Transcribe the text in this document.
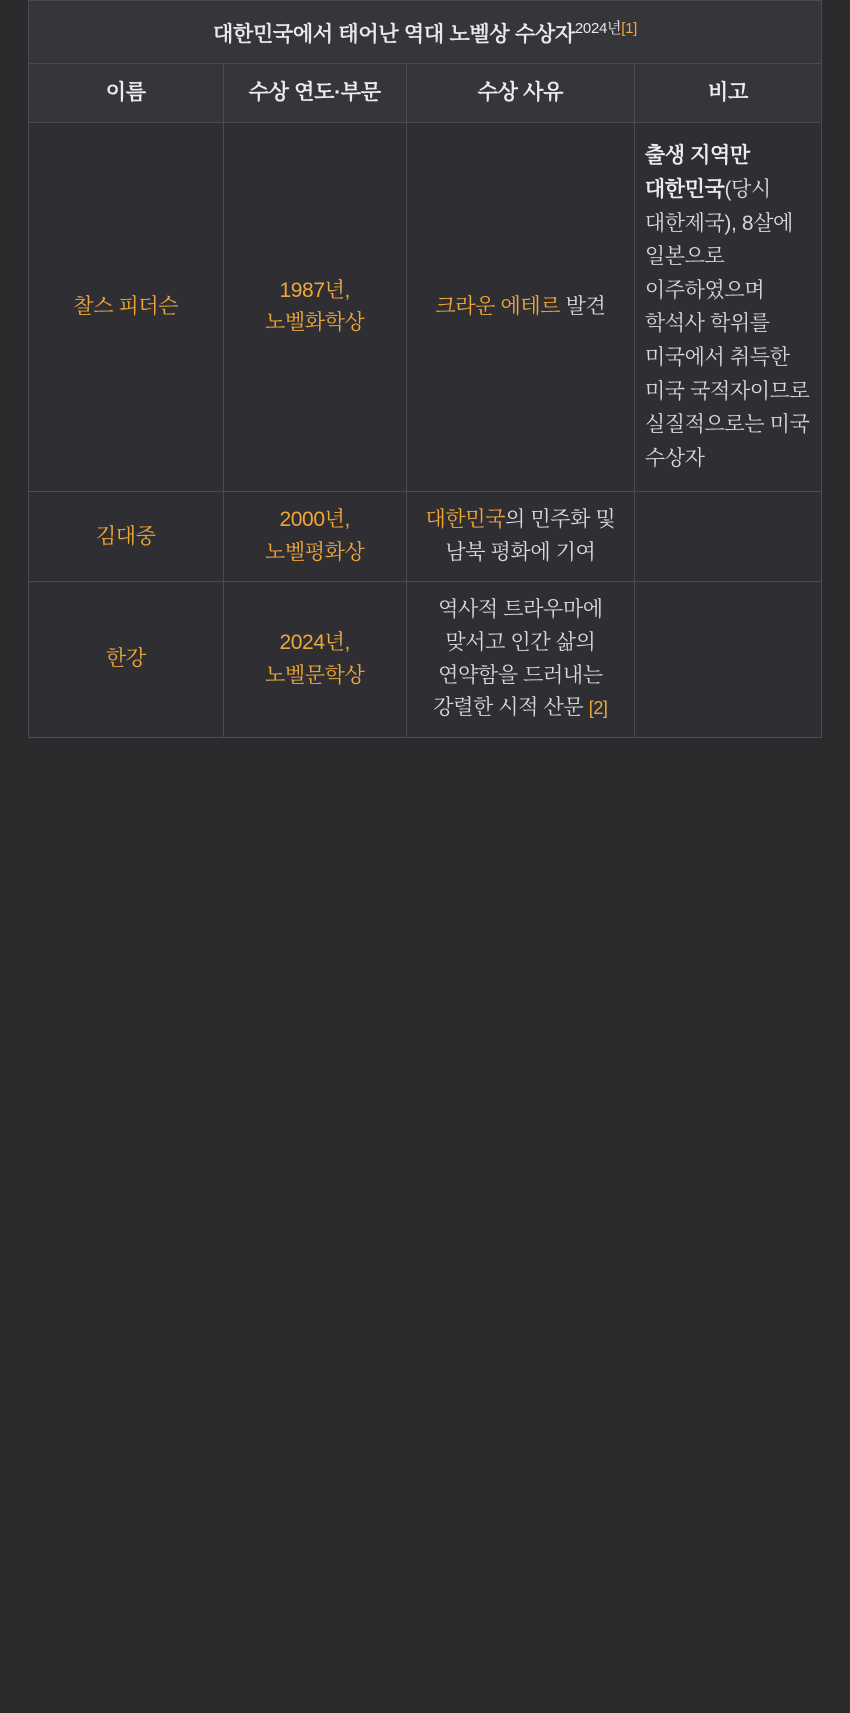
대한민국에서 태어난 역대 노벨상 수상자$^{2024년[1]}$
이름	수상 연도·부문	수상 사유	비고
찰스 피더슨	1987년, 노벨화학상	크라운 에테르 발견	출생 지역만 대한민국(당시 대한제국), 8살에 일본으로 이주하였으며 학석사 학위를 미국에서 취득한 미국 국적자이므로 실질적으로는 미국 수상자
김대중	2000년, 노벨평화상	대한민국의 민주화 및 남북 평화에 기여	
한강	2024년, 노벨문학상	역사적 트라우마에 맞서고 인간 삶의 연약함을 드러내는 강렬한 시적 산문 [2]	
